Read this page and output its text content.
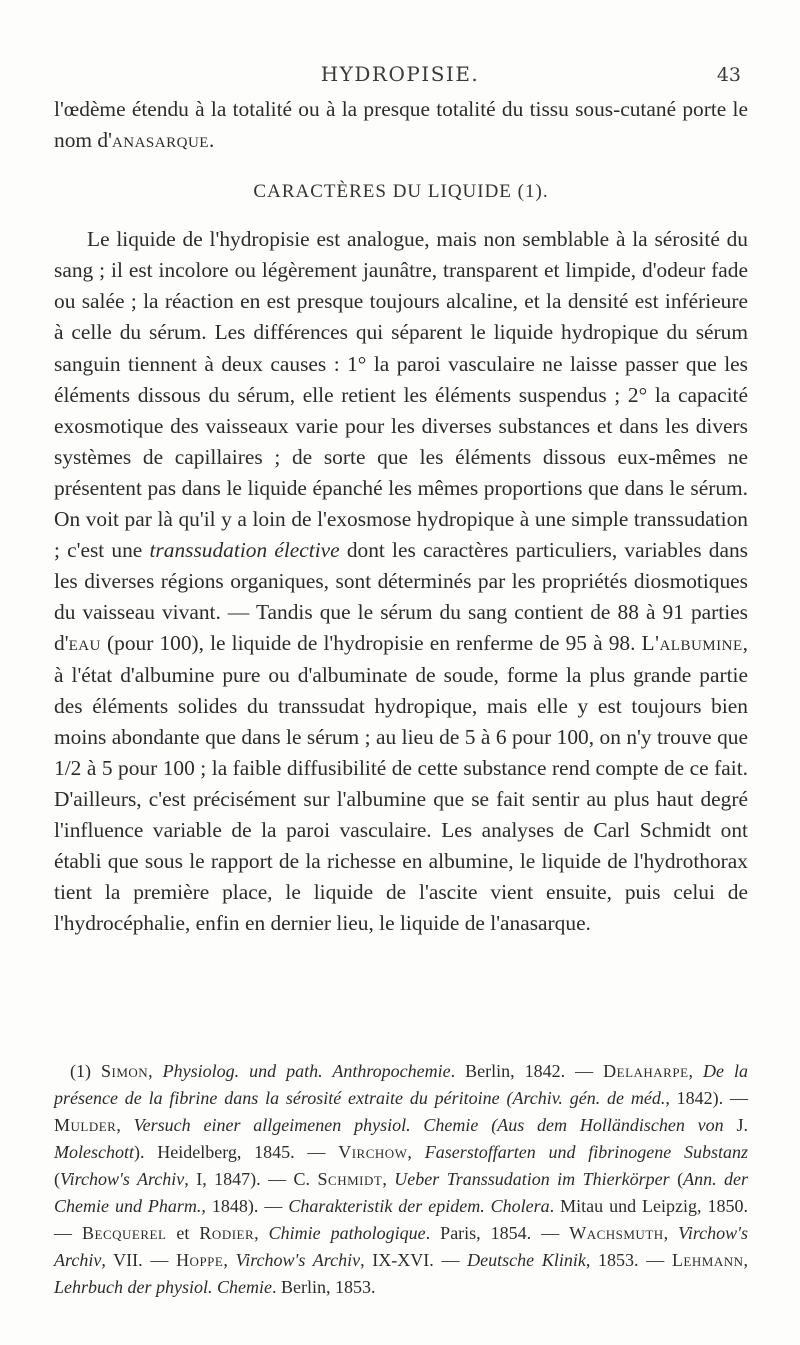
HYDROPISIE.	43

l'œdème étendu à la totalité ou à la presque totalité du tissu sous-cutané porte le nom d'anasarque.

CARACTÈRES DU LIQUIDE (1).

Le liquide de l'hydropisie est analogue, mais non semblable à la sérosité du sang ; il est incolore ou légèrement jaunâtre, transparent et limpide, d'odeur fade ou salée ; la réaction en est presque toujours alcaline, et la densité est inférieure à celle du sérum. Les différences qui séparent le liquide hydropique du sérum sanguin tiennent à deux causes : 1° la paroi vasculaire ne laisse passer que les éléments dissous du sérum, elle retient les éléments suspendus ; 2° la capacité exosmotique des vaisseaux varie pour les diverses substances et dans les divers systèmes de capillaires ; de sorte que les éléments dissous eux-mêmes ne présentent pas dans le liquide épanché les mêmes proportions que dans le sérum. On voit par là qu'il y a loin de l'exosmose hydropique à une simple transsudation ; c'est une transsudation élective dont les caractères particuliers, variables dans les diverses régions organiques, sont déterminés par les propriétés diosmotiques du vaisseau vivant. — Tandis que le sérum du sang contient de 88 à 91 parties d'eau (pour 100), le liquide de l'hydropisie en renferme de 95 à 98. L'albumine, à l'état d'albumine pure ou d'albuminate de soude, forme la plus grande partie des éléments solides du transsudat hydropique, mais elle y est toujours bien moins abondante que dans le sérum ; au lieu de 5 à 6 pour 100, on n'y trouve que 1/2 à 5 pour 100 ; la faible diffusibilité de cette substance rend compte de ce fait. D'ailleurs, c'est précisément sur l'albumine que se fait sentir au plus haut degré l'influence variable de la paroi vasculaire. Les analyses de Carl Schmidt ont établi que sous le rapport de la richesse en albumine, le liquide de l'hydrothorax tient la première place, le liquide de l'ascite vient ensuite, puis celui de l'hydrocéphalie, enfin en dernier lieu, le liquide de l'anasarque.

(1) Simon, Physiolog. und path. Anthropochemie. Berlin, 1842. — Delaharpe, De la présence de la fibrine dans la sérosité extraite du péritoine (Archiv. gén. de méd., 1842). — Mulder, Versuch einer allgeimenen physiol. Chemie (Aus dem Holländischen von J. Moleschott). Heidelberg, 1845. — Virchow, Faserstoffarten und fibrinogene Substanz (Virchow's Archiv, I, 1847). — C. Schmidt, Ueber Transsudation im Thierkörper (Ann. der Chemie und Pharm., 1848). — Charakteristik der epidem. Cholera. Mitau und Leipzig, 1850. — Becquerel et Rodier, Chimie pathologique. Paris, 1854. — Wachsmuth, Virchow's Archiv, VII. — Hoppe, Virchow's Archiv, IX-XVI. — Deutsche Klinik, 1853. — Lehmann, Lehrbuch der physiol. Chemie. Berlin, 1853.
